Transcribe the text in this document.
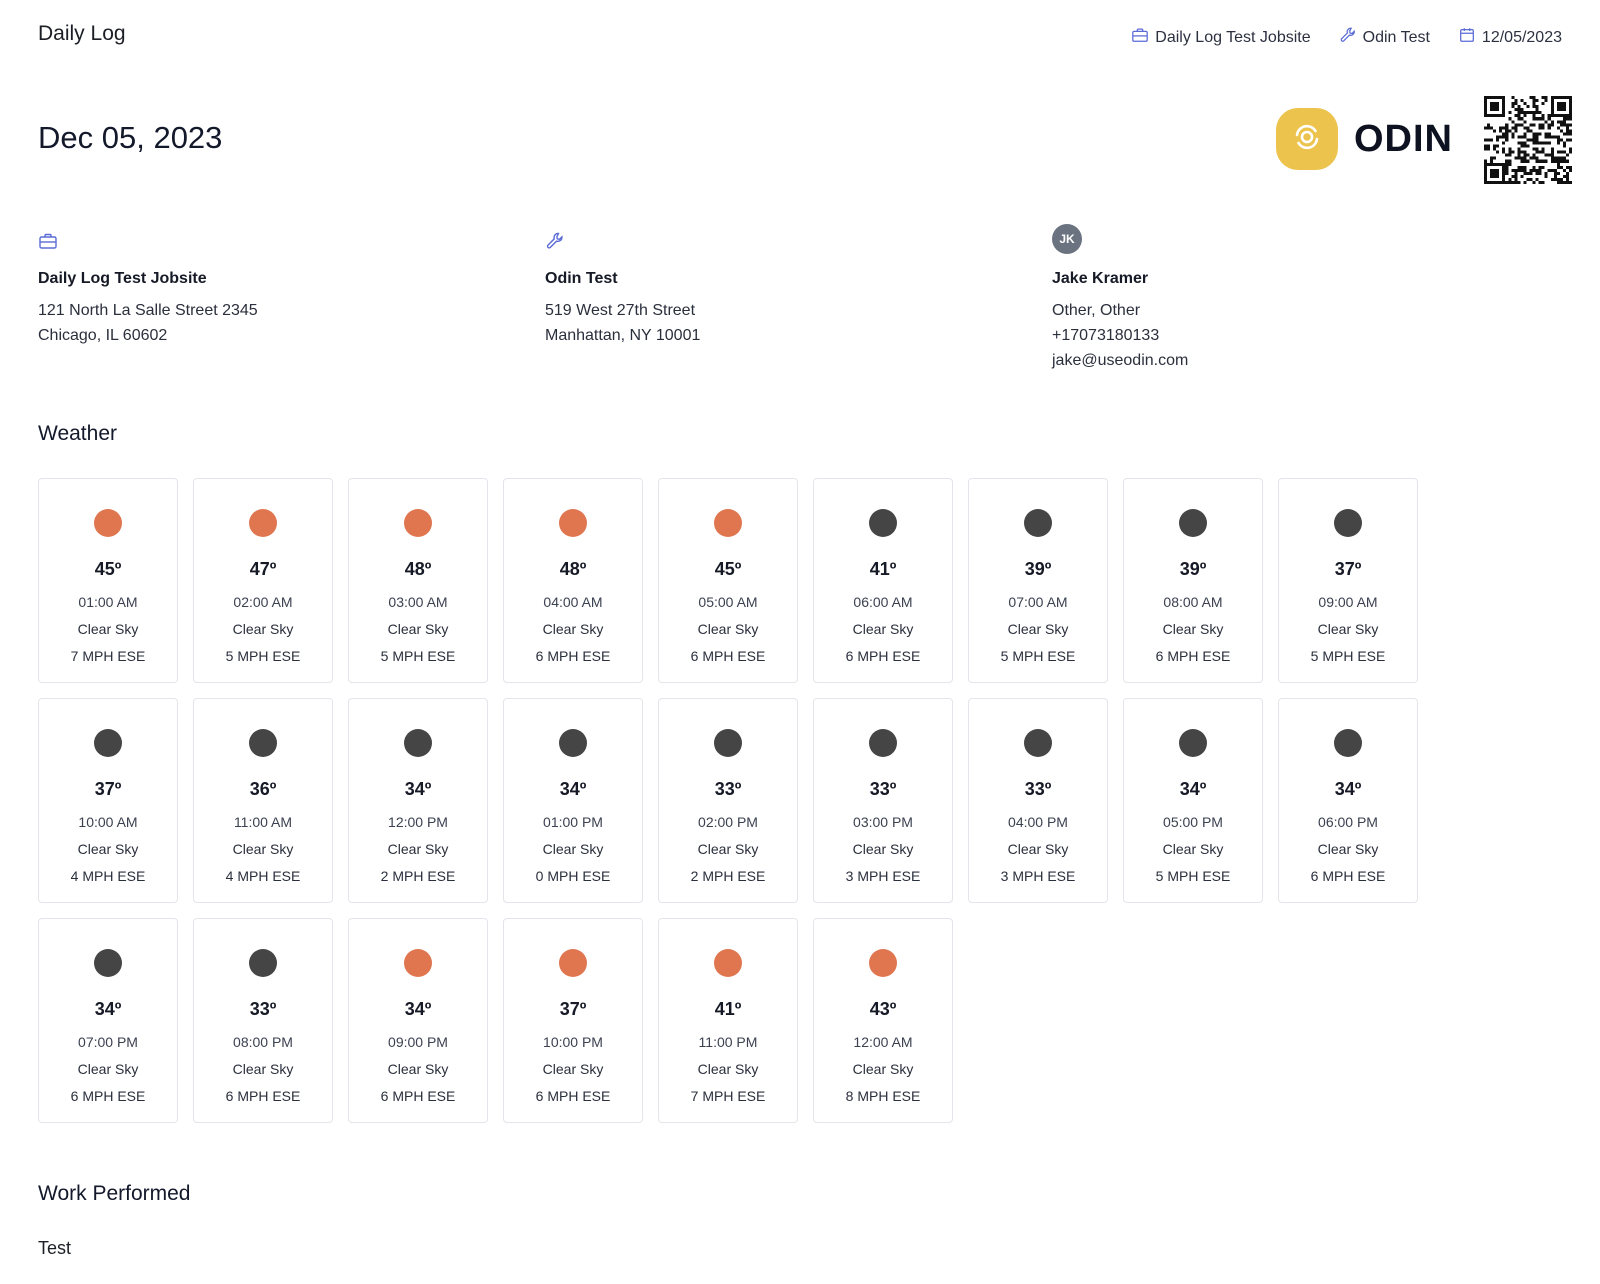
Daily Log	Daily Log Test Jobsite	Odin Test	12/05/2023
Dec 05, 2023	ODIN
Daily Log Test Jobsite
121 North La Salle Street 2345
Chicago, IL 60602
Odin Test
519 West 27th Street
Manhattan, NY 10001
JK
Jake Kramer
Other, Other
+17073180133
jake@useodin.com
Weather
45º
01:00 AM
Clear Sky
7 MPH ESE
47º
02:00 AM
Clear Sky
5 MPH ESE
48º
03:00 AM
Clear Sky
5 MPH ESE
48º
04:00 AM
Clear Sky
6 MPH ESE
45º
05:00 AM
Clear Sky
6 MPH ESE
41º
06:00 AM
Clear Sky
6 MPH ESE
39º
07:00 AM
Clear Sky
5 MPH ESE
39º
08:00 AM
Clear Sky
6 MPH ESE
37º
09:00 AM
Clear Sky
5 MPH ESE
37º
10:00 AM
Clear Sky
4 MPH ESE
36º
11:00 AM
Clear Sky
4 MPH ESE
34º
12:00 PM
Clear Sky
2 MPH ESE
34º
01:00 PM
Clear Sky
0 MPH ESE
33º
02:00 PM
Clear Sky
2 MPH ESE
33º
03:00 PM
Clear Sky
3 MPH ESE
33º
04:00 PM
Clear Sky
3 MPH ESE
34º
05:00 PM
Clear Sky
5 MPH ESE
34º
06:00 PM
Clear Sky
6 MPH ESE
34º
07:00 PM
Clear Sky
6 MPH ESE
33º
08:00 PM
Clear Sky
6 MPH ESE
34º
09:00 PM
Clear Sky
6 MPH ESE
37º
10:00 PM
Clear Sky
6 MPH ESE
41º
11:00 PM
Clear Sky
7 MPH ESE
43º
12:00 AM
Clear Sky
8 MPH ESE
Work Performed
Test
